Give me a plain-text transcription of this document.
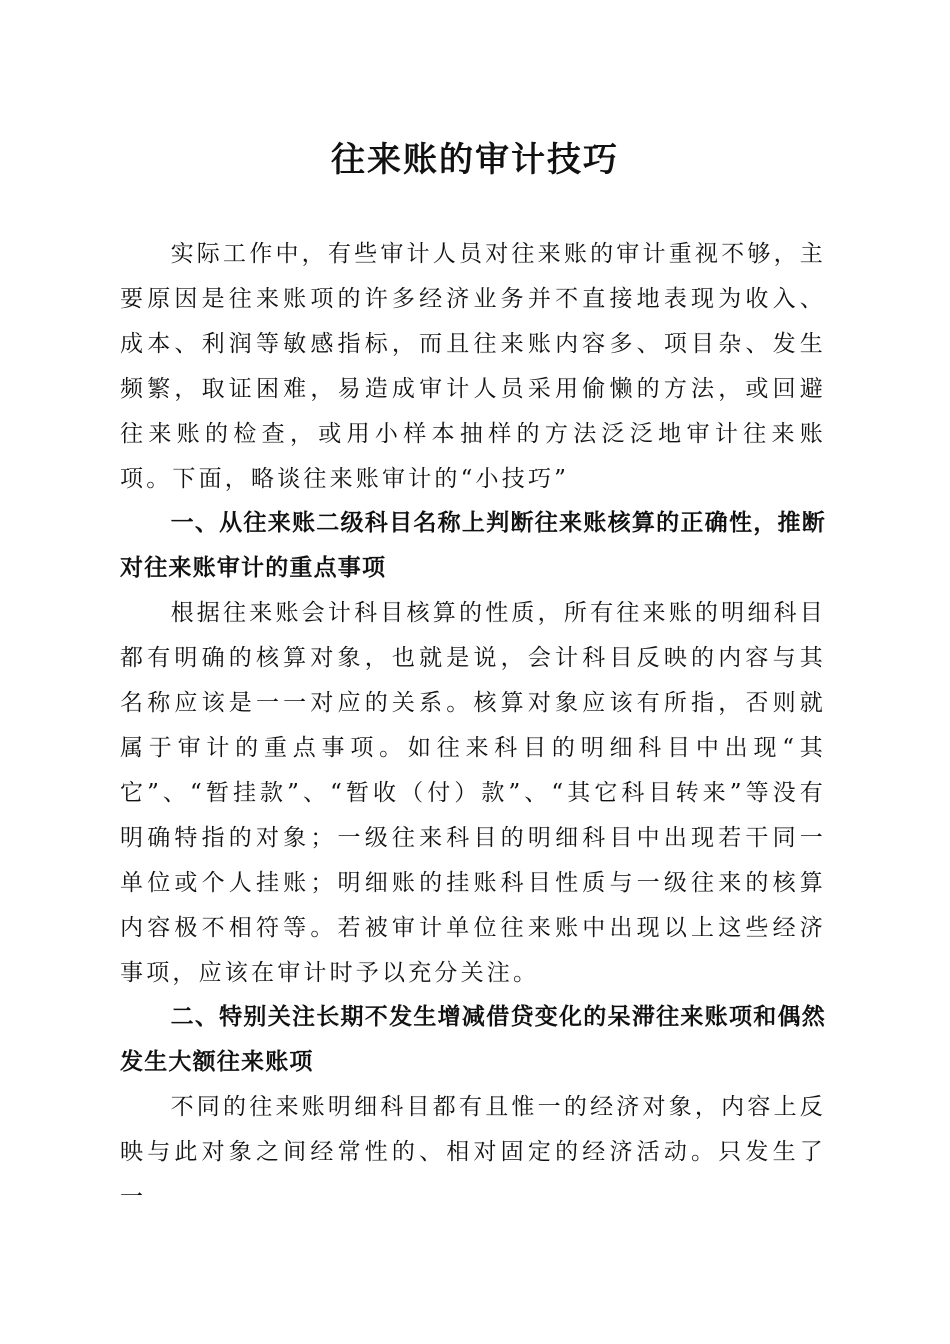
往来账的审计技巧

实际工作中，有些审计人员对往来账的审计重视不够，主要原因是往来账项的许多经济业务并不直接地表现为收入、成本、利润等敏感指标，而且往来账内容多、项目杂、发生频繁，取证困难，易造成审计人员采用偷懒的方法，或回避往来账的检查，或用小样本抽样的方法泛泛地审计往来账项。下面，略谈往来账审计的“小技巧”

一、从往来账二级科目名称上判断往来账核算的正确性，推断对往来账审计的重点事项

根据往来账会计科目核算的性质，所有往来账的明细科目都有明确的核算对象，也就是说，会计科目反映的内容与其名称应该是一一对应的关系。核算对象应该有所指，否则就属于审计的重点事项。如往来科目的明细科目中出现“其它”、“暂挂款”、“暂收（付）款”、“其它科目转来”等没有明确特指的对象；一级往来科目的明细科目中出现若干同一单位或个人挂账；明细账的挂账科目性质与一级往来的核算内容极不相符等。若被审计单位往来账中出现以上这些经济事项，应该在审计时予以充分关注。

二、特别关注长期不发生增减借贷变化的呆滞往来账项和偶然发生大额往来账项

不同的往来账明细科目都有且惟一的经济对象，内容上反映与此对象之间经常性的、相对固定的经济活动。只发生了一
